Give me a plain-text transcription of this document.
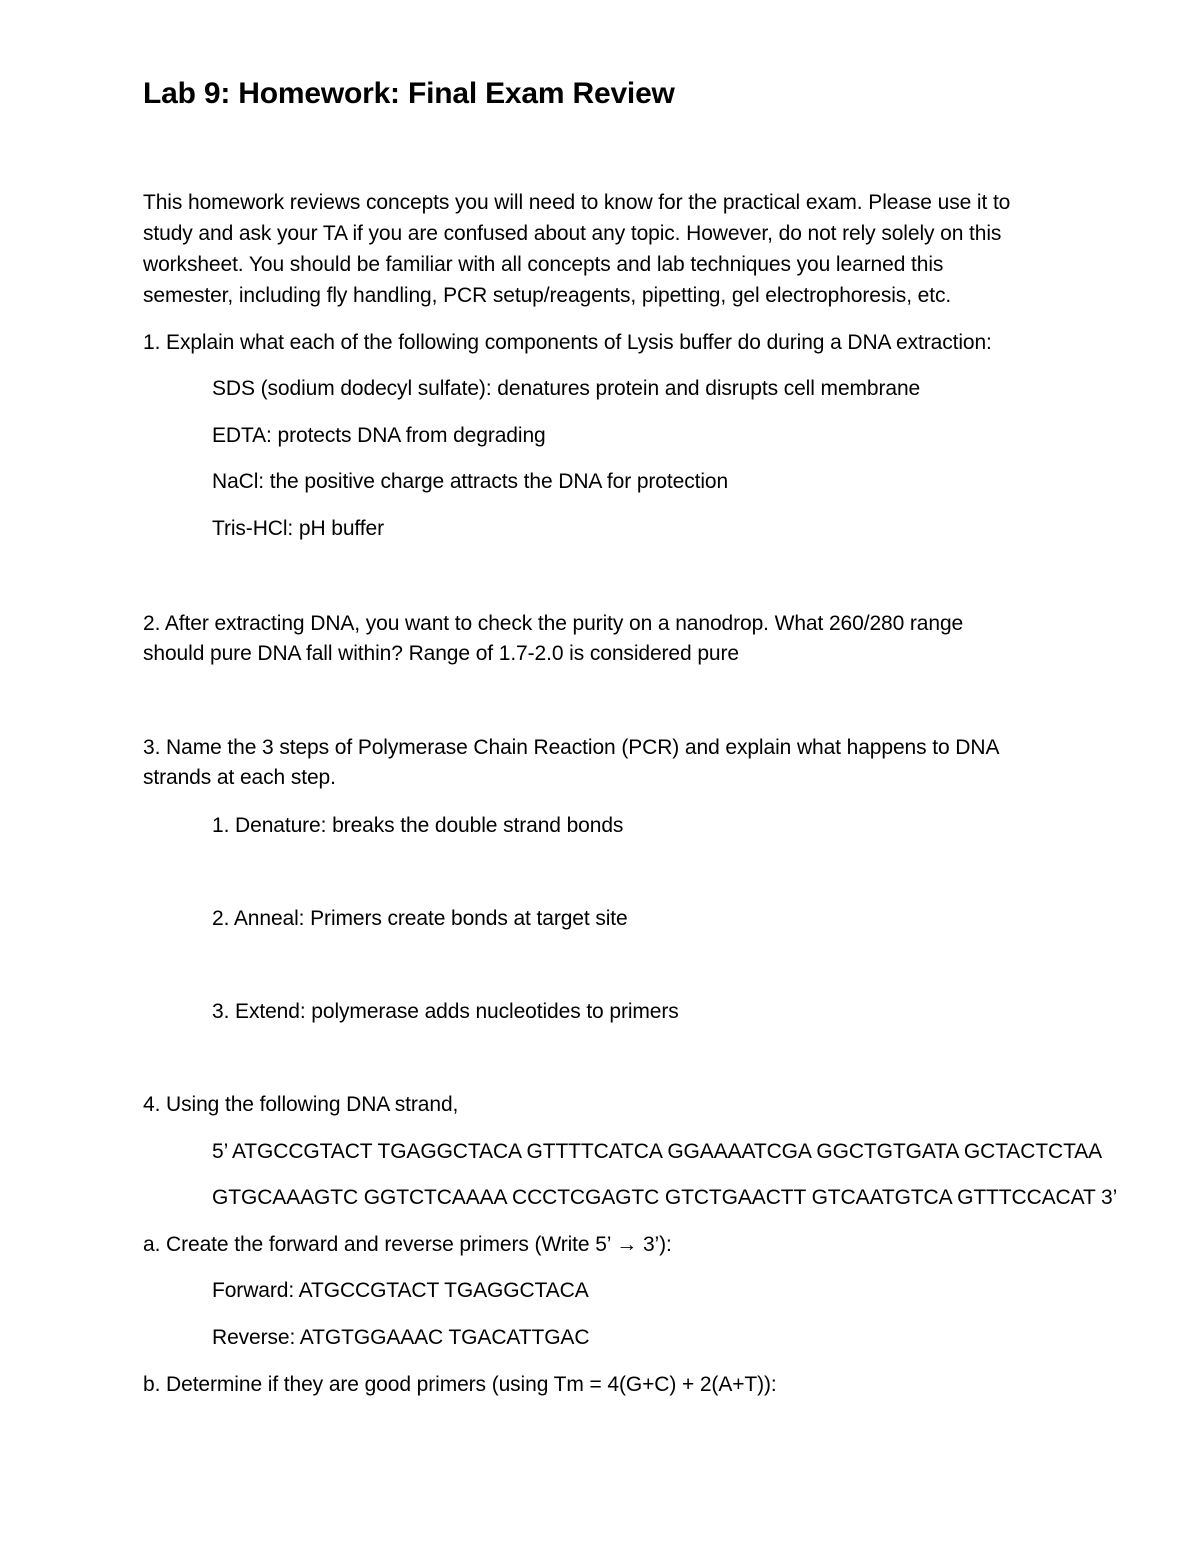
Lab 9: Homework: Final Exam Review
This homework reviews concepts you will need to know for the practical exam. Please use it to
study and ask your TA if you are confused about any topic. However, do not rely solely on this
worksheet. You should be familiar with all concepts and lab techniques you learned this
semester, including fly handling, PCR setup/reagents, pipetting, gel electrophoresis, etc.
1. Explain what each of the following components of Lysis buffer do during a DNA extraction:
SDS (sodium dodecyl sulfate): denatures protein and disrupts cell membrane
EDTA: protects DNA from degrading
NaCl: the positive charge attracts the DNA for protection
Tris-HCl: pH buffer
2. After extracting DNA, you want to check the purity on a nanodrop. What 260/280 range
should pure DNA fall within? Range of 1.7-2.0 is considered pure
3. Name the 3 steps of Polymerase Chain Reaction (PCR) and explain what happens to DNA
strands at each step.
1. Denature: breaks the double strand bonds
2. Anneal: Primers create bonds at target site
3. Extend: polymerase adds nucleotides to primers
4. Using the following DNA strand,
5’ ATGCCGTACT TGAGGCTACA GTTTTCATCA GGAAAATCGA GGCTGTGATA GCTACTCTAA
GTGCAAAGTC GGTCTCAAAA CCCTCGAGTC GTCTGAACTT GTCAATGTCA GTTTCCACAT 3’
a. Create the forward and reverse primers (Write 5’ → 3’):
Forward: ATGCCGTACT TGAGGCTACA
Reverse: ATGTGGAAAC TGACATTGAC
b. Determine if they are good primers (using Tm = 4(G+C) + 2(A+T)):
